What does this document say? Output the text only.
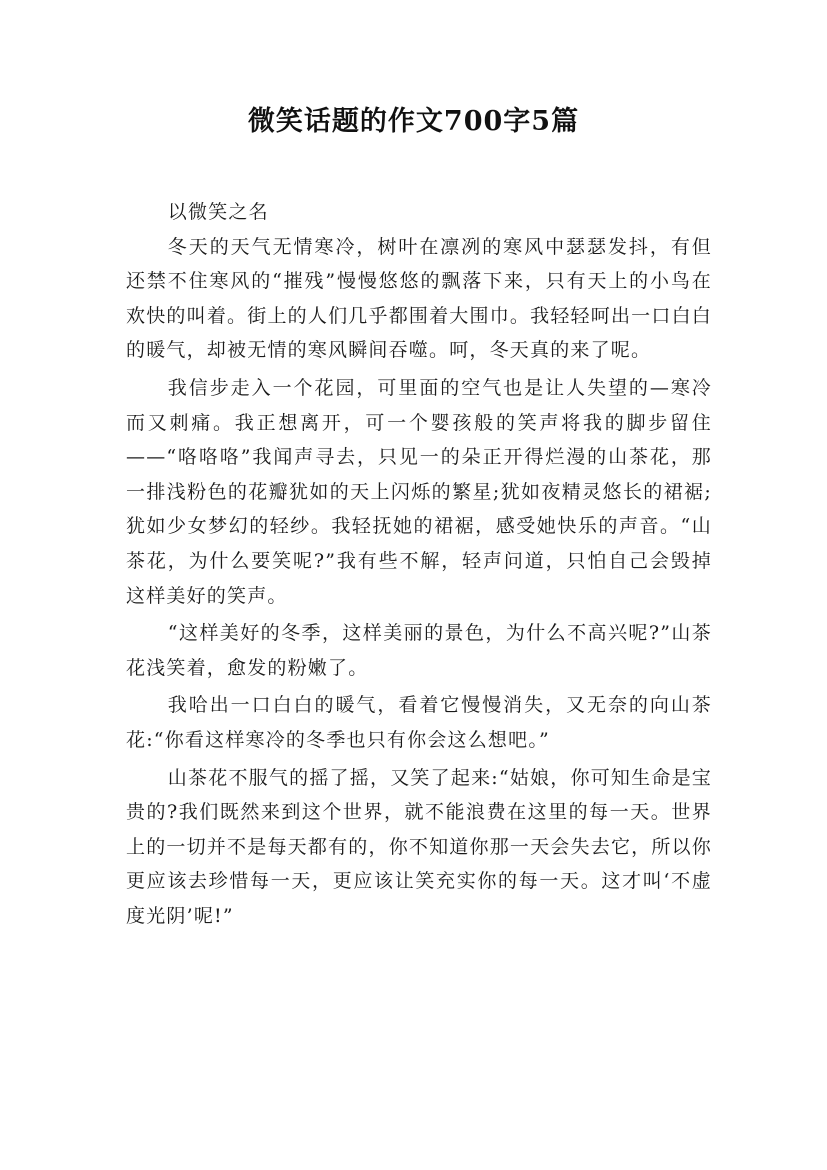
微笑话题的作文700字5篇

以微笑之名

冬天的天气无情寒冷，树叶在凛冽的寒风中瑟瑟发抖，有但还禁不住寒风的“摧残”慢慢悠悠的飘落下来，只有天上的小鸟在欢快的叫着。街上的人们几乎都围着大围巾。我轻轻呵出一口白白的暖气，却被无情的寒风瞬间吞噬。呵，冬天真的来了呢。

我信步走入一个花园，可里面的空气也是让人失望的—寒冷而又刺痛。我正想离开，可一个婴孩般的笑声将我的脚步留住——“咯咯咯”我闻声寻去，只见一的朵正开得烂漫的山茶花，那一排浅粉色的花瓣犹如的天上闪烁的繁星;犹如夜精灵悠长的裙裾;犹如少女梦幻的轻纱。我轻抚她的裙裾，感受她快乐的声音。“山茶花，为什么要笑呢?”我有些不解，轻声问道，只怕自己会毁掉这样美好的笑声。

“这样美好的冬季，这样美丽的景色，为什么不高兴呢?”山茶花浅笑着，愈发的粉嫩了。

我哈出一口白白的暖气，看着它慢慢消失，又无奈的向山茶花:“你看这样寒冷的冬季也只有你会这么想吧。”

山茶花不服气的摇了摇，又笑了起来:“姑娘，你可知生命是宝贵的?我们既然来到这个世界，就不能浪费在这里的每一天。世界上的一切并不是每天都有的，你不知道你那一天会失去它，所以你更应该去珍惜每一天，更应该让笑充实你的每一天。这才叫‘不虚度光阴’呢!”
